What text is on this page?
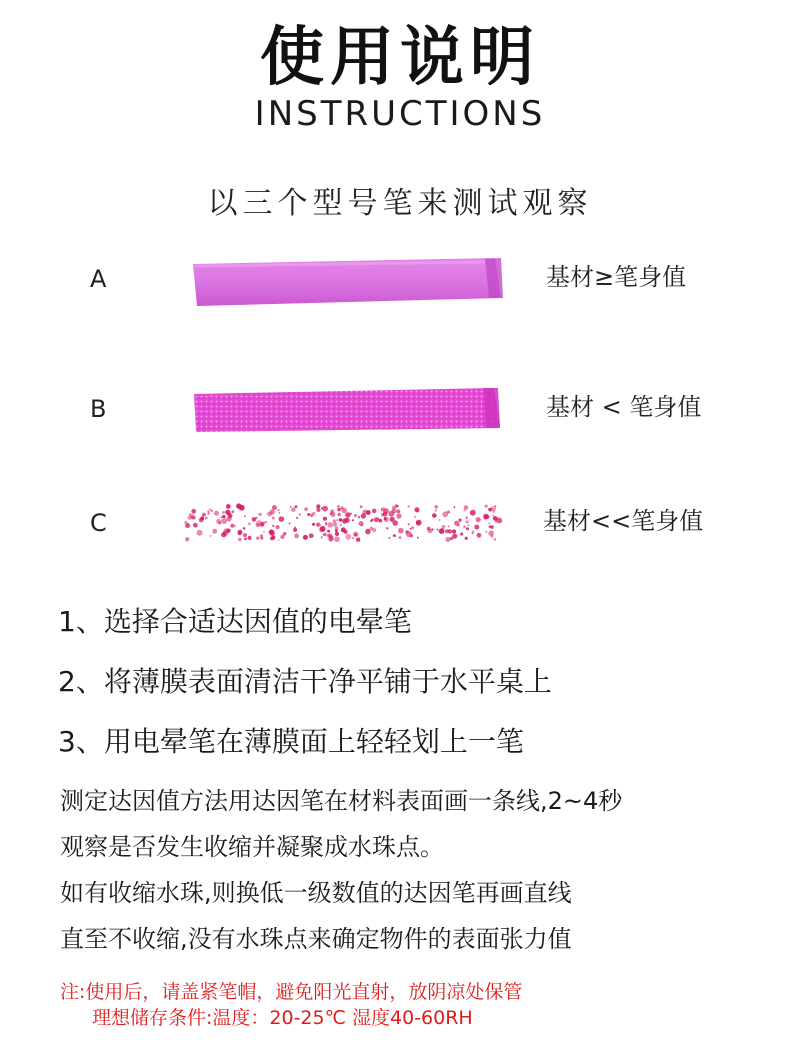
使用说明
INSTRUCTIONS
以三个型号笔来测试观察
A	基材≥笔身值
B	基材 < 笔身值
C	基材<<笔身值
1、选择合适达因值的电晕笔
2、将薄膜表面清洁干净平铺于水平桌上
3、用电晕笔在薄膜面上轻轻划上一笔
测定达因值方法用达因笔在材料表面画一条线,2~4秒
观察是否发生收缩并凝聚成水珠点。
如有收缩水珠,则换低一级数值的达因笔再画直线
直至不收缩,没有水珠点来确定物件的表面张力值
注:使用后，请盖紧笔帽，避免阳光直射，放阴凉处保管
理想储存条件:温度：20-25℃ 湿度40-60RH
